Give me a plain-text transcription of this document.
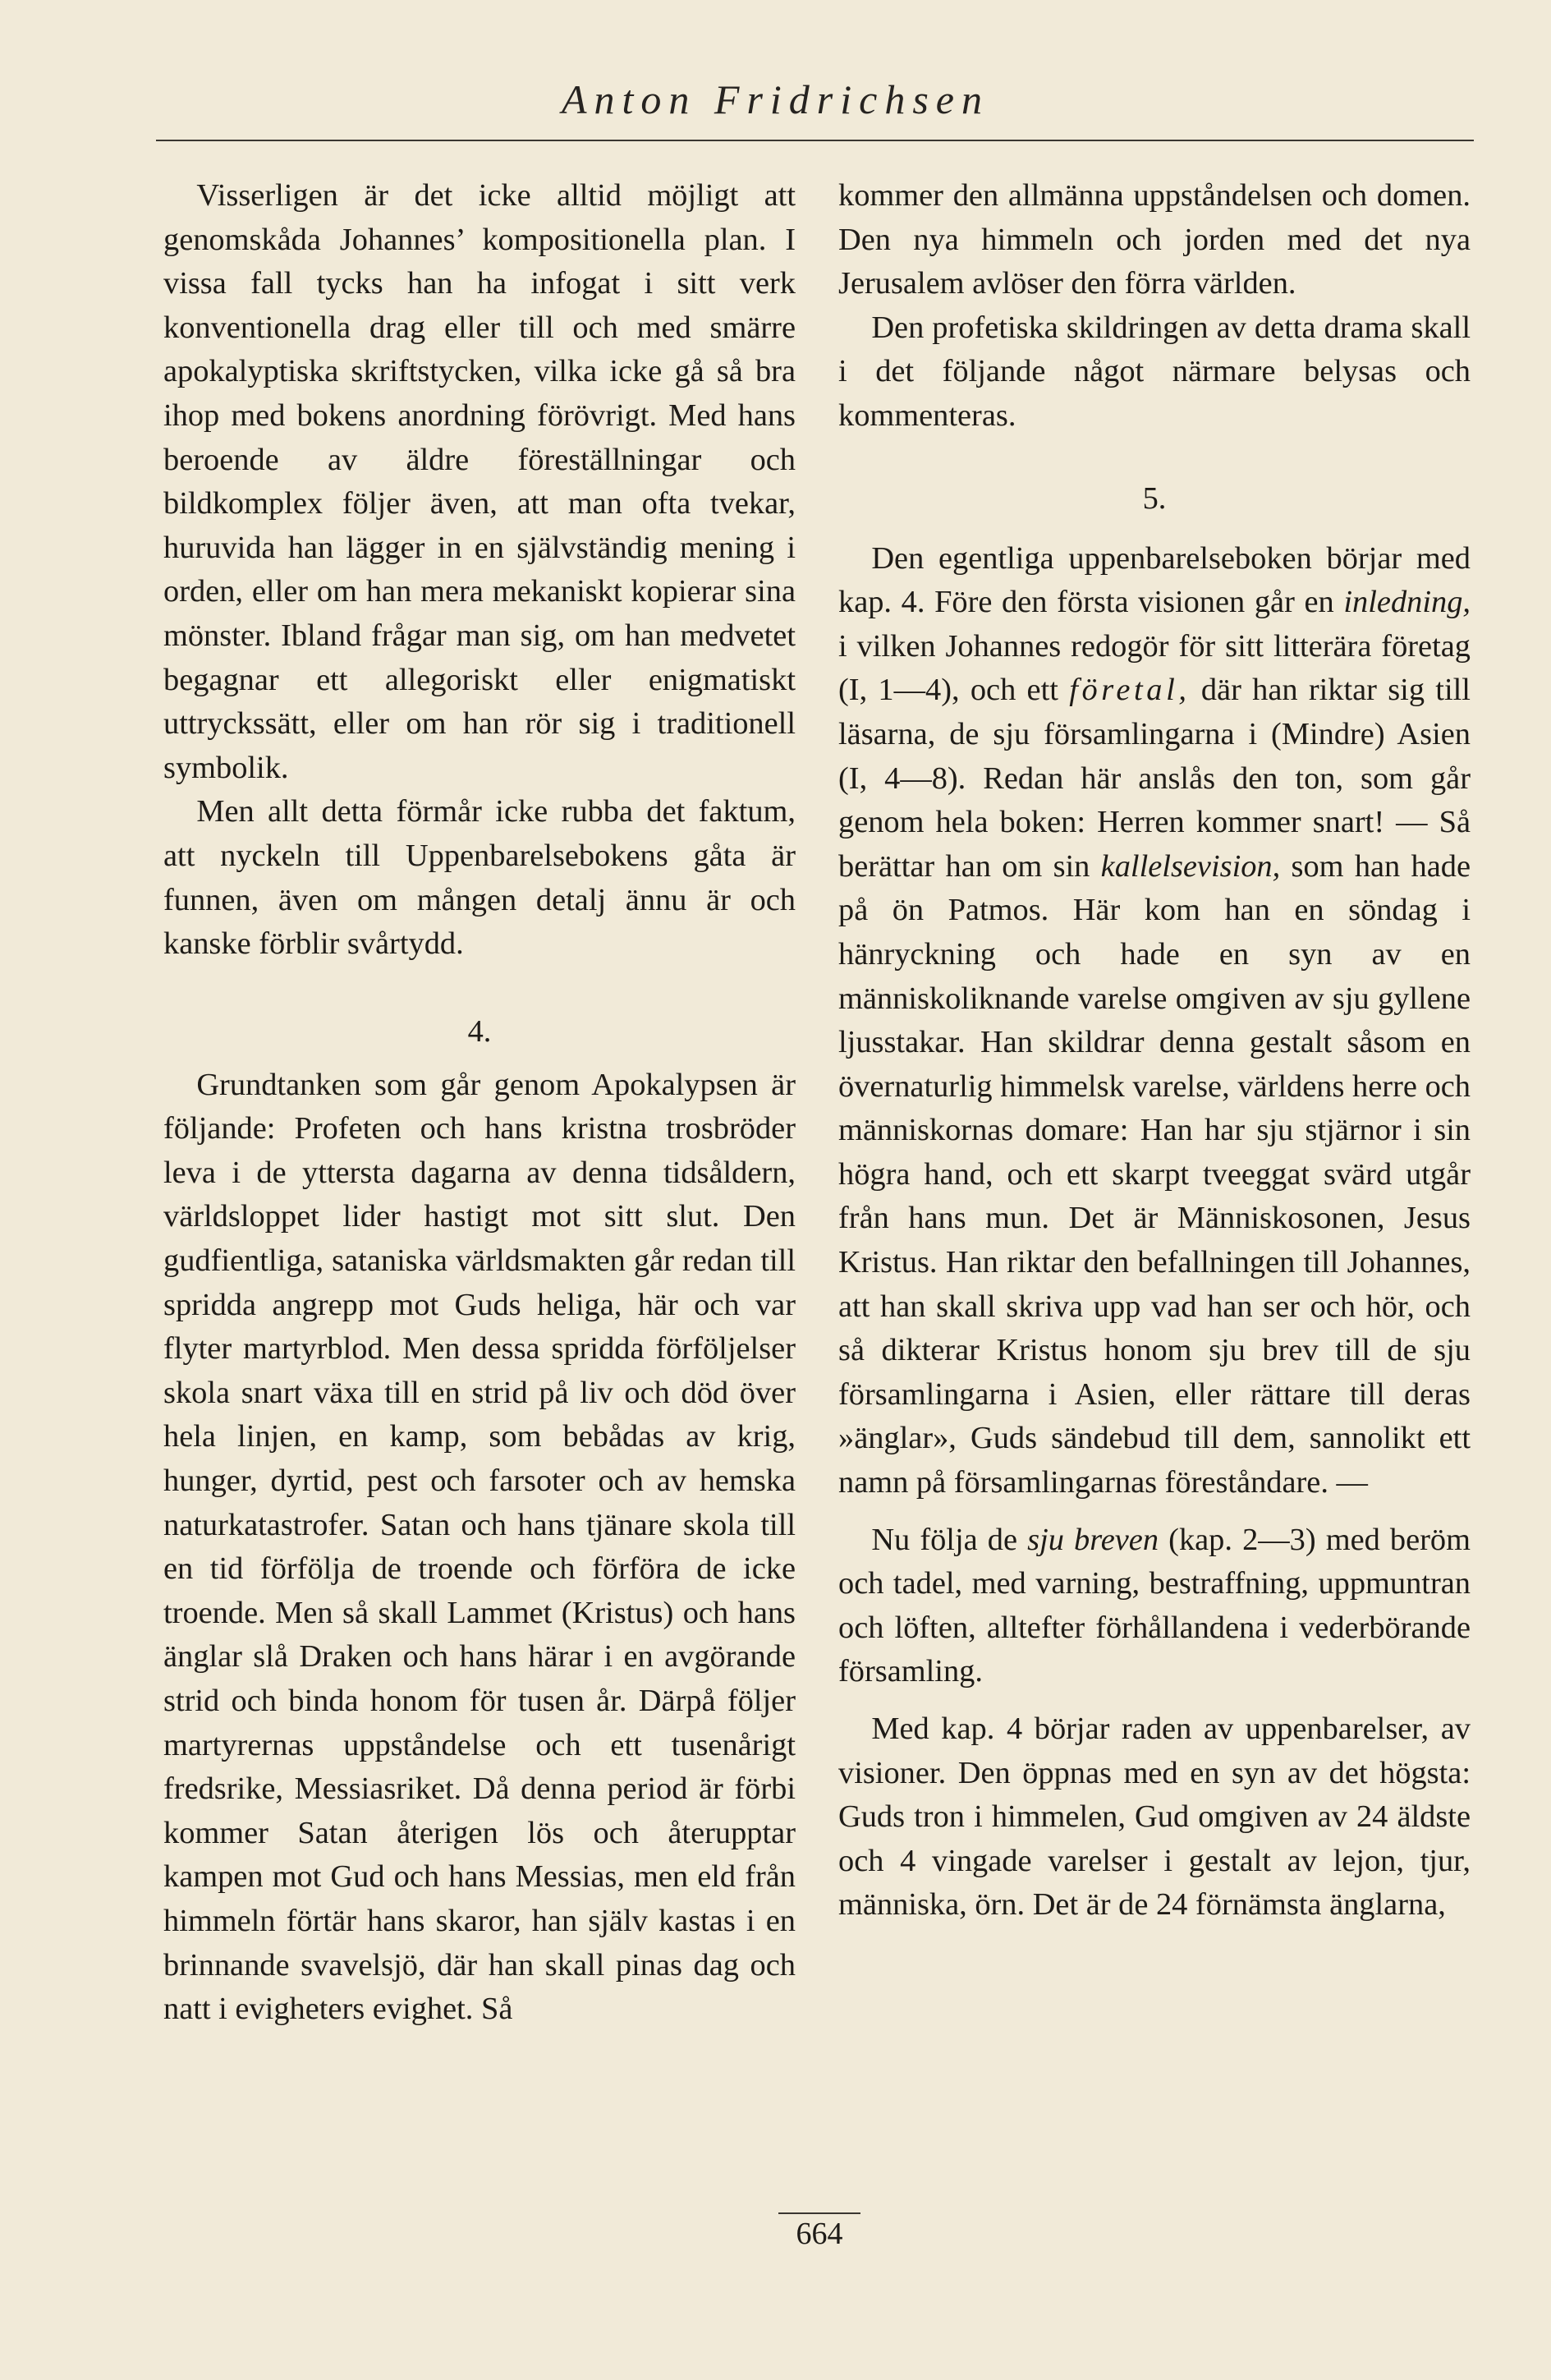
Anton Fridrichsen

Visserligen är det icke alltid möjligt att genomskåda Johannes’ kompositionella plan. I vissa fall tycks han ha infogat i sitt verk konventionella drag eller till och med smärre apokalyptiska skriftstycken, vilka icke gå så bra ihop med bokens anordning förövrigt. Med hans beroende av äldre föreställningar och bildkomplex följer även, att man ofta tvekar, huruvida han lägger in en självständig mening i orden, eller om han mera mekaniskt kopierar sina mönster. Ibland frågar man sig, om han medvetet begagnar ett allegoriskt eller enigmatiskt uttryckssätt, eller om han rör sig i traditionell symbolik.

Men allt detta förmår icke rubba det faktum, att nyckeln till Uppenbarelsebokens gåta är funnen, även om mången detalj ännu är och kanske förblir svårtydd.

4.

Grundtanken som går genom Apokalypsen är följande: Profeten och hans kristna trosbröder leva i de yttersta dagarna av denna tidsåldern, världsloppet lider hastigt mot sitt slut. Den gudfientliga, sataniska världsmakten går redan till spridda angrepp mot Guds heliga, här och var flyter martyrblod. Men dessa spridda förföljelser skola snart växa till en strid på liv och död över hela linjen, en kamp, som bebådas av krig, hunger, dyrtid, pest och farsoter och av hemska naturkatastrofer. Satan och hans tjänare skola till en tid förfölja de troende och förföra de icke troende. Men så skall Lammet (Kristus) och hans änglar slå Draken och hans härar i en avgörande strid och binda honom för tusen år. Därpå följer martyrernas uppståndelse och ett tusenårigt fredsrike, Messiasriket. Då denna period är förbi kommer Satan återigen lös och återupptar kampen mot Gud och hans Messias, men eld från himmeln förtär hans skaror, han själv kastas i en brinnande svavelsjö, där han skall pinas dag och natt i evigheters evighet. Så

kommer den allmänna uppståndelsen och domen. Den nya himmeln och jorden med det nya Jerusalem avlöser den förra världen.

Den profetiska skildringen av detta drama skall i det följande något närmare belysas och kommenteras.

5.

Den egentliga uppenbarelseboken börjar med kap. 4. Före den första visionen går en inledning, i vilken Johannes redogör för sitt litterära företag (I, 1—4), och ett företal, där han riktar sig till läsarna, de sju församlingarna i (Mindre) Asien (I, 4—8). Redan här anslås den ton, som går genom hela boken: Herren kommer snart! — Så berättar han om sin kallelsevision, som han hade på ön Patmos. Här kom han en söndag i hänryckning och hade en syn av en människoliknande varelse omgiven av sju gyllene ljusstakar. Han skildrar denna gestalt såsom en övernaturlig himmelsk varelse, världens herre och människornas domare: Han har sju stjärnor i sin högra hand, och ett skarpt tveeggat svärd utgår från hans mun. Det är Människosonen, Jesus Kristus. Han riktar den befallningen till Johannes, att han skall skriva upp vad han ser och hör, och så dikterar Kristus honom sju brev till de sju församlingarna i Asien, eller rättare till deras »änglar», Guds sändebud till dem, sannolikt ett namn på församlingarnas föreståndare. —

Nu följa de sju breven (kap. 2—3) med beröm och tadel, med varning, bestraffning, uppmuntran och löften, alltefter förhållandena i vederbörande församling.

Med kap. 4 börjar raden av uppenbarelser, av visioner. Den öppnas med en syn av det högsta: Guds tron i himmelen, Gud omgiven av 24 äldste och 4 vingade varelser i gestalt av lejon, tjur, människa, örn. Det är de 24 förnämsta änglarna,

664
